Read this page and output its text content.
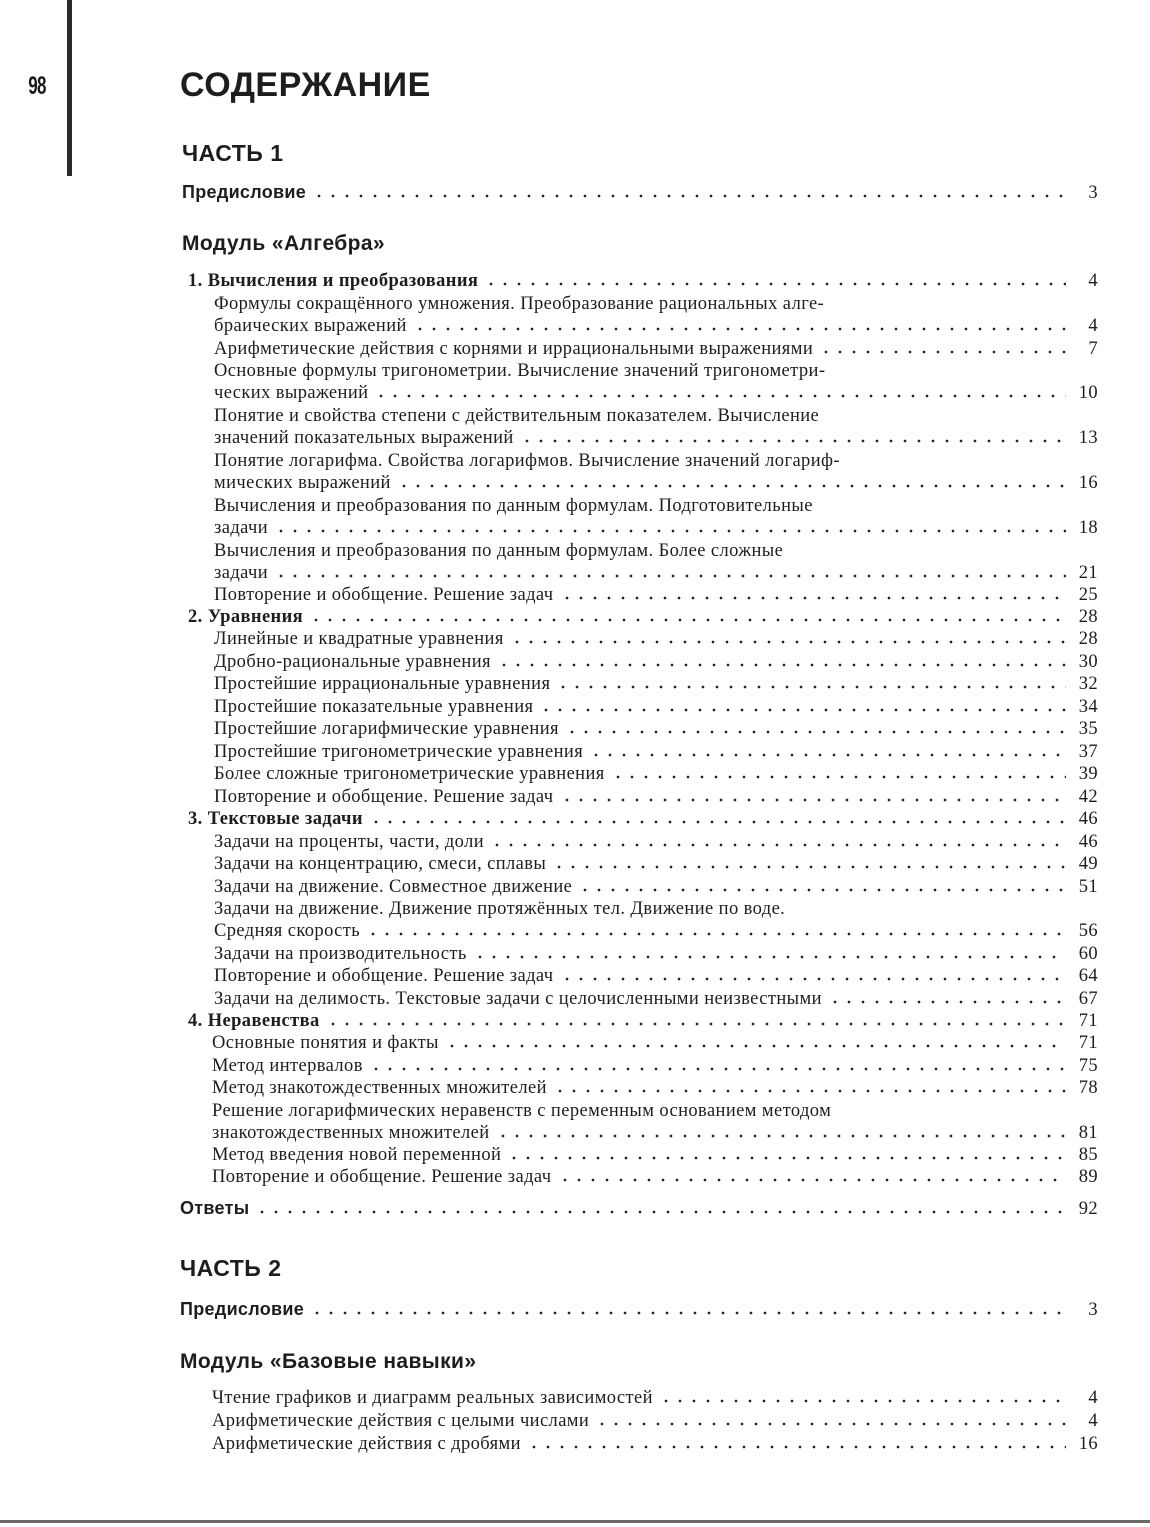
98	СОДЕРЖАНИЕ
ЧАСТЬ 1
Предисловие	3
Модуль «Алгебра»
1. Вычисления и преобразования	4
Формулы сокращённого умножения. Преобразование рациональных алге-
браических выражений	4
Арифметические действия с корнями и иррациональными выражениями	7
Основные формулы тригонометрии. Вычисление значений тригонометри-
ческих выражений	10
Понятие и свойства степени с действительным показателем. Вычисление
значений показательных выражений	13
Понятие логарифма. Свойства логарифмов. Вычисление значений логариф-
мических выражений	16
Вычисления и преобразования по данным формулам. Подготовительные
задачи	18
Вычисления и преобразования по данным формулам. Более сложные
задачи	21
Повторение и обобщение. Решение задач	25
2. Уравнения	28
Линейные и квадратные уравнения	28
Дробно-рациональные уравнения	30
Простейшие иррациональные уравнения	32
Простейшие показательные уравнения	34
Простейшие логарифмические уравнения	35
Простейшие тригонометрические уравнения	37
Более сложные тригонометрические уравнения	39
Повторение и обобщение. Решение задач	42
3. Текстовые задачи	46
Задачи на проценты, части, доли	46
Задачи на концентрацию, смеси, сплавы	49
Задачи на движение. Совместное движение	51
Задачи на движение. Движение протяжённых тел. Движение по воде.
Средняя скорость	56
Задачи на производительность	60
Повторение и обобщение. Решение задач	64
Задачи на делимость. Текстовые задачи с целочисленными неизвестными	67
4. Неравенства	71
Основные понятия и факты	71
Метод интервалов	75
Метод знакотождественных множителей	78
Решение логарифмических неравенств с переменным основанием методом
знакотождественных множителей	81
Метод введения новой переменной	85
Повторение и обобщение. Решение задач	89
Ответы	92
ЧАСТЬ 2
Предисловие	3
Модуль «Базовые навыки»
Чтение графиков и диаграмм реальных зависимостей	4
Арифметические действия с целыми числами	4
Арифметические действия с дробями	16
